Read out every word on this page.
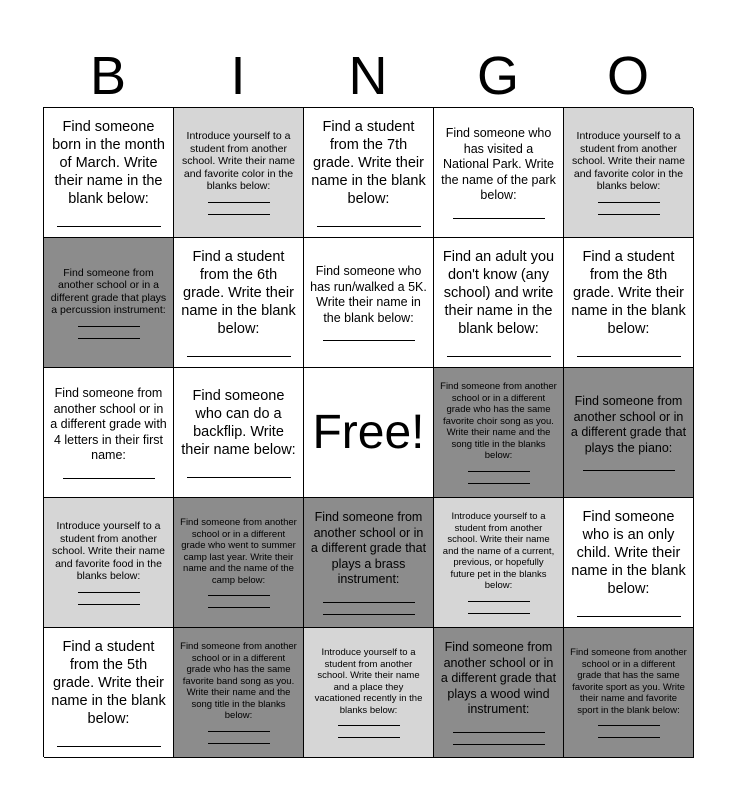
B	I	N	G	O
Find someone born in the month of March. Write their name in the blank below:
Introduce yourself to a student from another school. Write their name and favorite color in the blanks below:
Find a student from the 7th grade. Write their name in the blank below:
Find someone who has visited a National Park. Write the name of the park below:
Introduce yourself to a student from another school. Write their name and favorite color in the blanks below:
Find someone from another school or in a different grade that plays a percussion instrument:
Find a student from the 6th grade. Write their name in the blank below:
Find someone who has run/walked a 5K. Write their name in the blank below:
Find an adult you don't know (any school) and write their name in the blank below:
Find a student from the 8th grade. Write their name in the blank below:
Find someone from another school or in a different grade with 4 letters in their first name:
Find someone who can do a backflip. Write their name below: Free!
Find someone from another school or in a different grade who has the same favorite choir song as you. Write their name and the song title in the blanks below:
Find someone from another school or in a different grade that plays the piano:
Introduce yourself to a student from another school. Write their name and favorite food in the blanks below:
Find someone from another school or in a different grade who went to summer camp last year. Write their name and the name of the camp below:
Find someone from another school or in a different grade that plays a brass instrument:
Introduce yourself to a student from another school. Write their name and the name of a current, previous, or hopefully future pet in the blanks below:
Find someone who is an only child. Write their name in the blank below:
Find a student from the 5th grade. Write their name in the blank below:
Find someone from another school or in a different grade who has the same favorite band song as you. Write their name and the song title in the blanks below:
Introduce yourself to a student from another school. Write their name and a place they vacationed recently in the blanks below:
Find someone from another school or in a different grade that plays a wood wind instrument:
Find someone from another school or in a different grade that has the same favorite sport as you. Write their name and favorite sport in the blank below:
